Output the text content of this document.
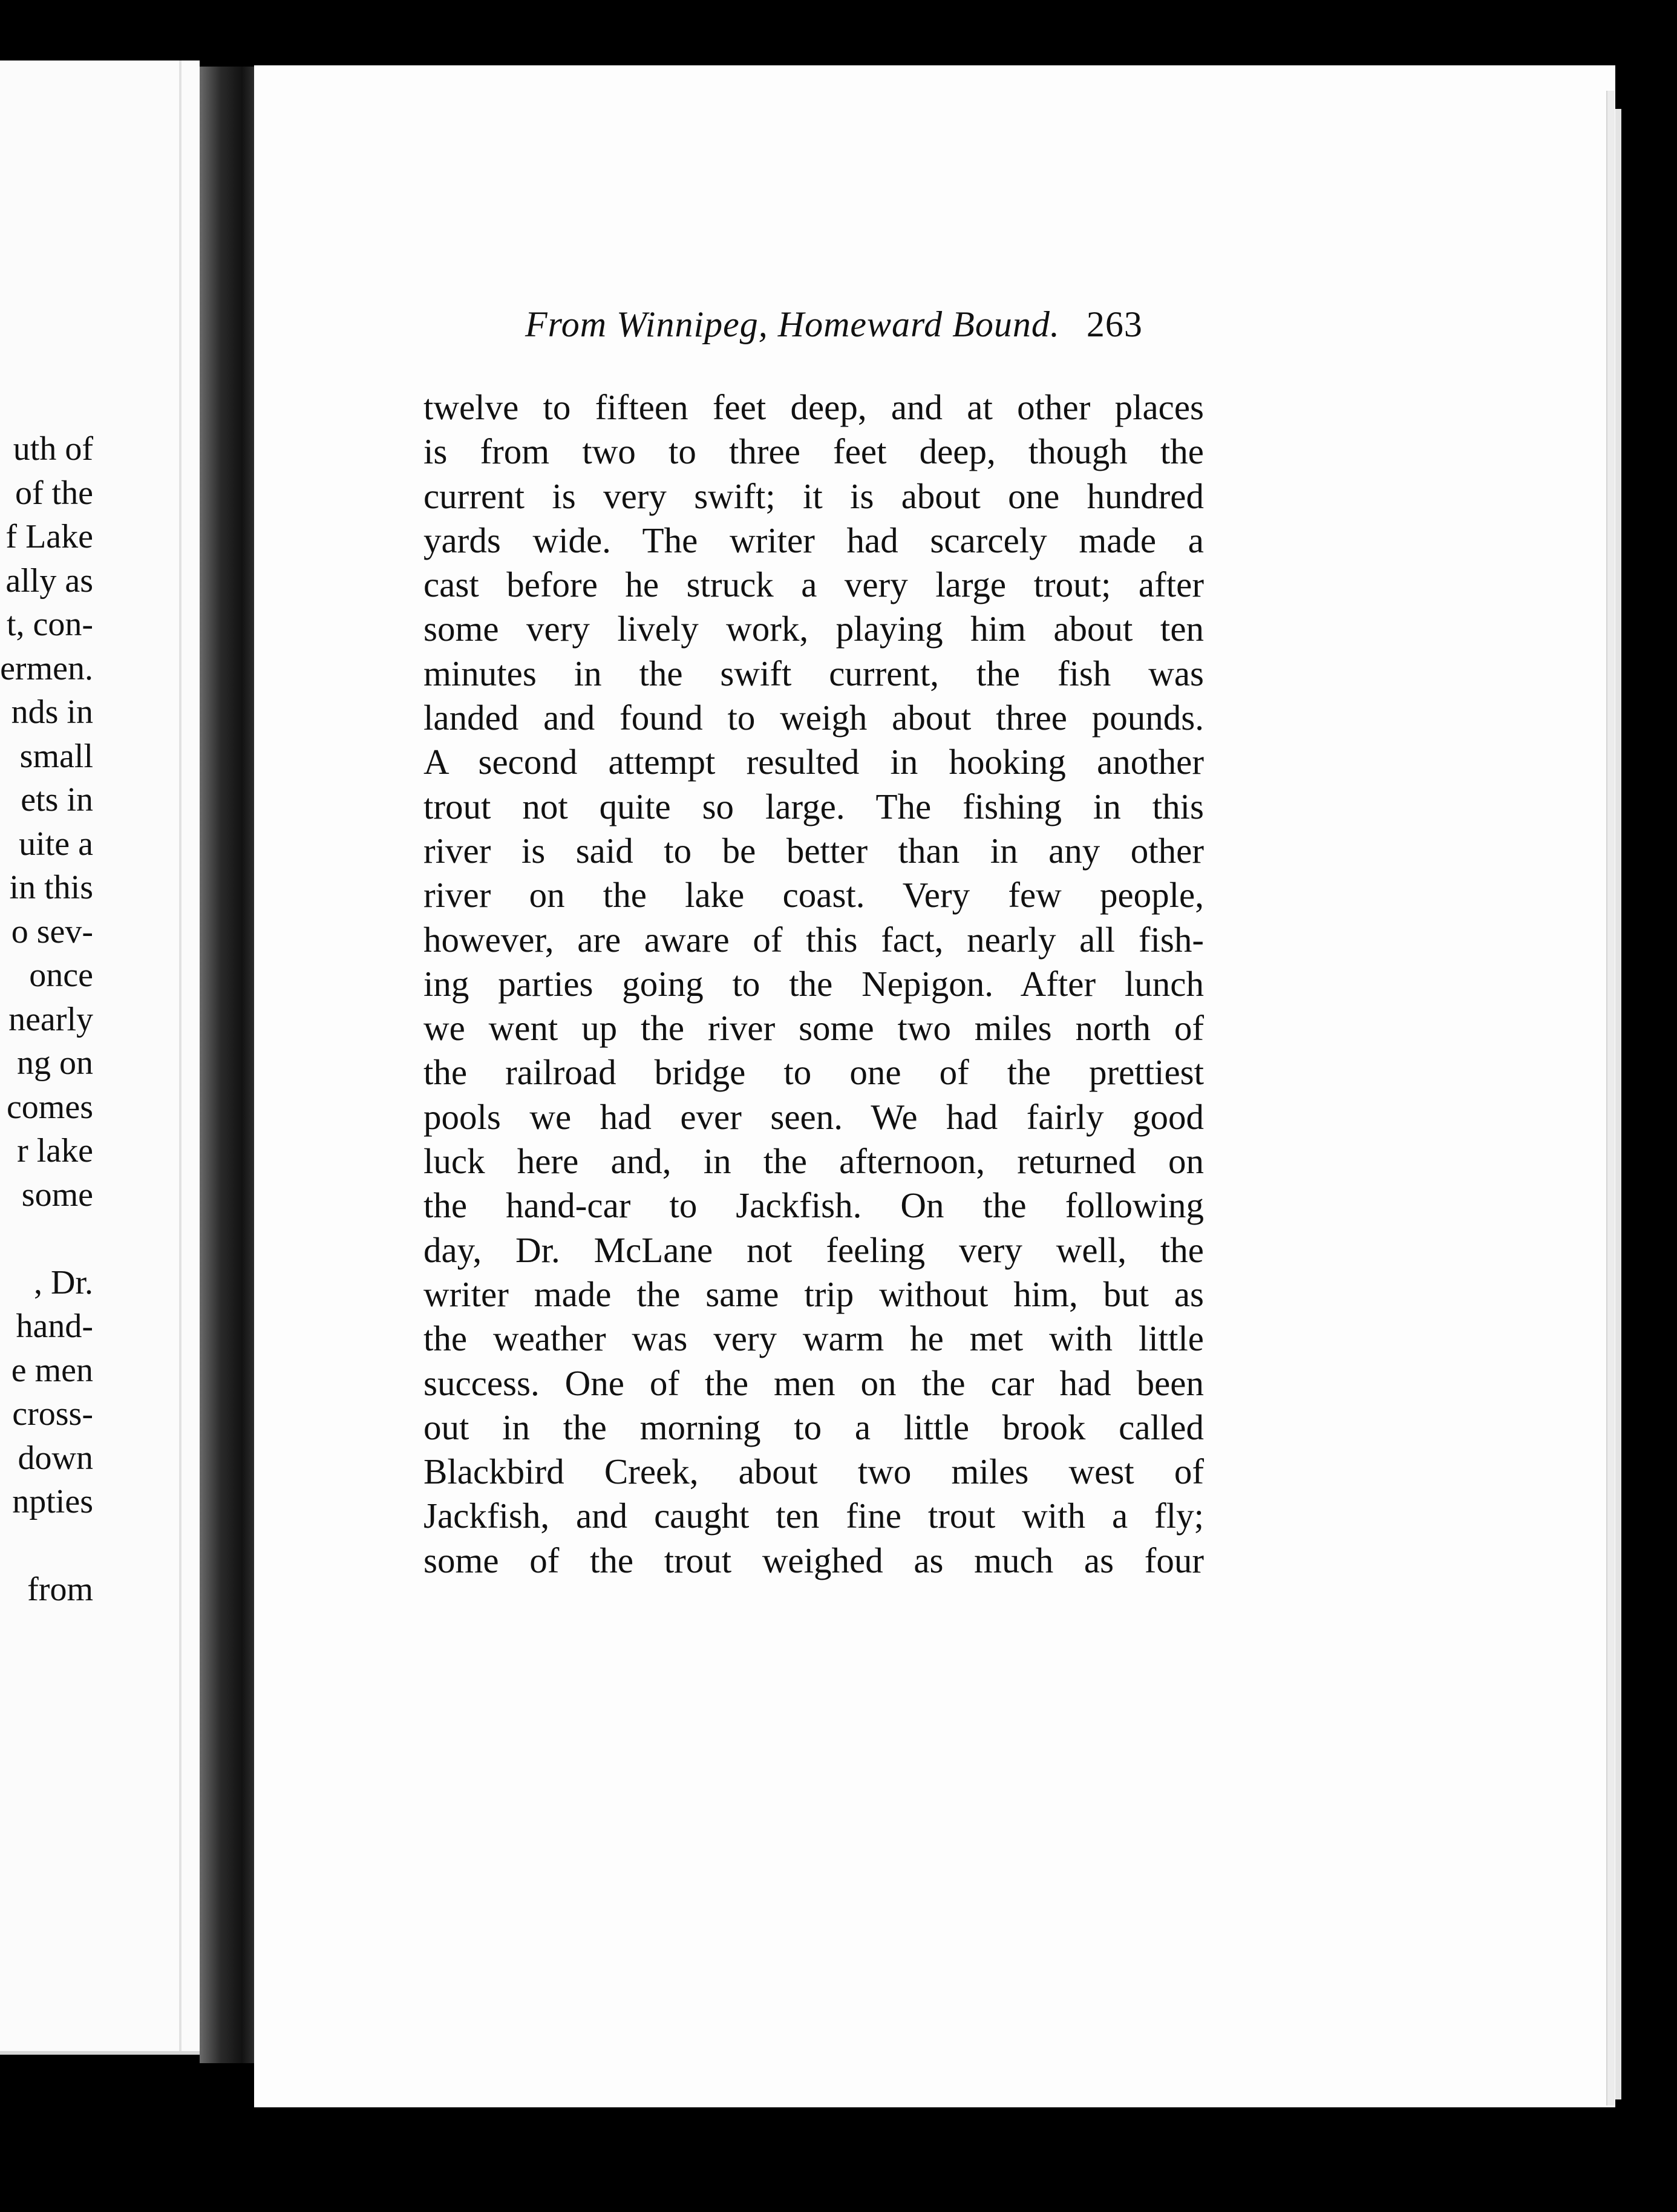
uth of
of the
f Lake
ally as
t, con-
ermen.
nds in
small
ets in
uite a
in this
o sev-
once
nearly
ng on
comes
r lake
some
, Dr.
hand-
e men
cross-
down
npties
from
From Winnipeg, Homeward Bound. 263
twelve to fifteen feet deep, and at other places
is from two to three feet deep, though the
current is very swift; it is about one hundred
yards wide. The writer had scarcely made a
cast before he struck a very large trout; after
some very lively work, playing him about ten
minutes in the swift current, the fish was
landed and found to weigh about three pounds.
A second attempt resulted in hooking another
trout not quite so large. The fishing in this
river is said to be better than in any other
river on the lake coast. Very few people,
however, are aware of this fact, nearly all fish-
ing parties going to the Nepigon. After lunch
we went up the river some two miles north of
the railroad bridge to one of the prettiest
pools we had ever seen. We had fairly good
luck here and, in the afternoon, returned on
the hand-car to Jackfish. On the following
day, Dr. McLane not feeling very well, the
writer made the same trip without him, but as
the weather was very warm he met with little
success. One of the men on the car had been
out in the morning to a little brook called
Blackbird Creek, about two miles west of
Jackfish, and caught ten fine trout with a fly;
some of the trout weighed as much as four
